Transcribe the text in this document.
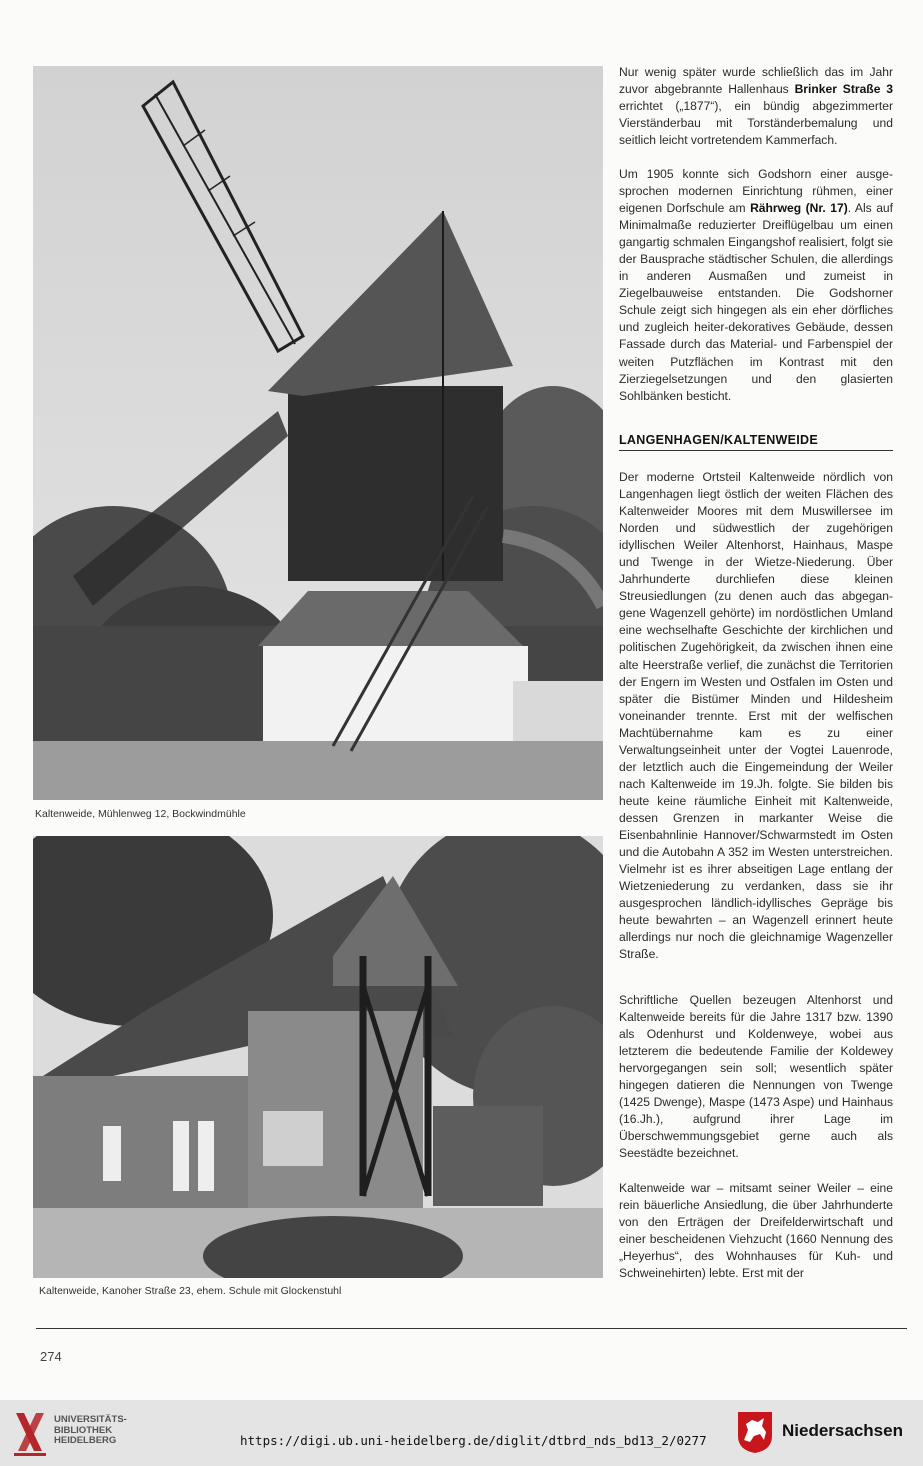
Kaltenweide, Mühlenweg 12, Bockwindmühle
Kaltenweide, Kanoher Straße 23, ehem. Schule mit Glockenstuhl

Nur wenig später wurde schließlich das im Jahr zuvor abgebrannte Hallenhaus Brinker Straße 3 errichtet („1877“), ein bündig abgezimmerter Vierständerbau mit Torständerbemalung und seitlich leicht vortretendem Kammerfach.

Um 1905 konnte sich Godshorn einer ausgesprochen modernen Einrichtung rühmen, einer eigenen Dorfschule am Rährweg (Nr. 17). Als auf Minimalmaße reduzierter Dreiflügelbau um einen gangartig schmalen Eingangshof realisiert, folgt sie der Bausprache städtischer Schulen, die allerdings in anderen Ausmaßen und zumeist in Ziegelbauweise entstanden. Die Godshorner Schule zeigt sich hingegen als ein eher dörfliches und zugleich heiter-dekoratives Gebäude, dessen Fassade durch das Material- und Farbenspiel der weiten Putzflächen im Kontrast mit den Zierziegelsetzungen und den glasierten Sohlbänken besticht.

LANGENHAGEN/KALTENWEIDE

Der moderne Ortsteil Kaltenweide nördlich von Langenhagen liegt östlich der weiten Flächen des Kaltenweider Moores mit dem Muswillersee im Norden und südwestlich der zugehörigen idyllischen Weiler Altenhorst, Hainhaus, Maspe und Twenge in der Wietze-Niederung. Über Jahrhunderte durchliefen diese kleinen Streusiedlungen (zu denen auch das abgegangene Wagenzell gehörte) im nordöstlichen Umland eine wechselhafte Geschichte der kirchlichen und politischen Zugehörigkeit, da zwischen ihnen eine alte Heerstraße verlief, die zunächst die Territorien der Engern im Westen und Ostfalen im Osten und später die Bistümer Minden und Hildesheim voneinander trennte. Erst mit der welfischen Machtübernahme kam es zu einer Verwaltungseinheit unter der Vogtei Lauenrode, der letztlich auch die Eingemeindung der Weiler nach Kaltenweide im 19.Jh. folgte. Sie bilden bis heute keine räumliche Einheit mit Kaltenweide, dessen Grenzen in markanter Weise die Eisenbahnlinie Hannover/Schwarmstedt im Osten und die Autobahn A 352 im Westen unterstreichen. Vielmehr ist es ihrer abseitigen Lage entlang der Wietzeniederung zu verdanken, dass sie ihr ausgesprochen ländlich-idyllisches Gepräge bis heute bewahrten – an Wagenzell erinnert heute allerdings nur noch die gleichnamige Wagenzeller Straße.

Schriftliche Quellen bezeugen Altenhorst und Kaltenweide bereits für die Jahre 1317 bzw. 1390 als Odenhurst und Koldenweye, wobei aus letzterem die bedeutende Familie der Koldewey hervorgegangen sein soll; wesentlich später hingegen datieren die Nennungen von Twenge (1425 Dwenge), Maspe (1473 Aspe) und Hainhaus (16.Jh.), aufgrund ihrer Lage im Überschwemmungsgebiet gerne auch als Seestädte bezeichnet.

Kaltenweide war – mitsamt seiner Weiler – eine rein bäuerliche Ansiedlung, die über Jahrhunderte von den Erträgen der Dreifelderwirtschaft und einer bescheidenen Viehzucht (1660 Nennung des „Heyerhus“, des Wohnhauses für Kuh- und Schweinehirten) lebte. Erst mit der

274
UNIVERSITÄTS-
BIBLIOTHEK
HEIDELBERG	https://digi.ub.uni-heidelberg.de/diglit/dtbrd_nds_bd13_2/0277
Niedersachsen
